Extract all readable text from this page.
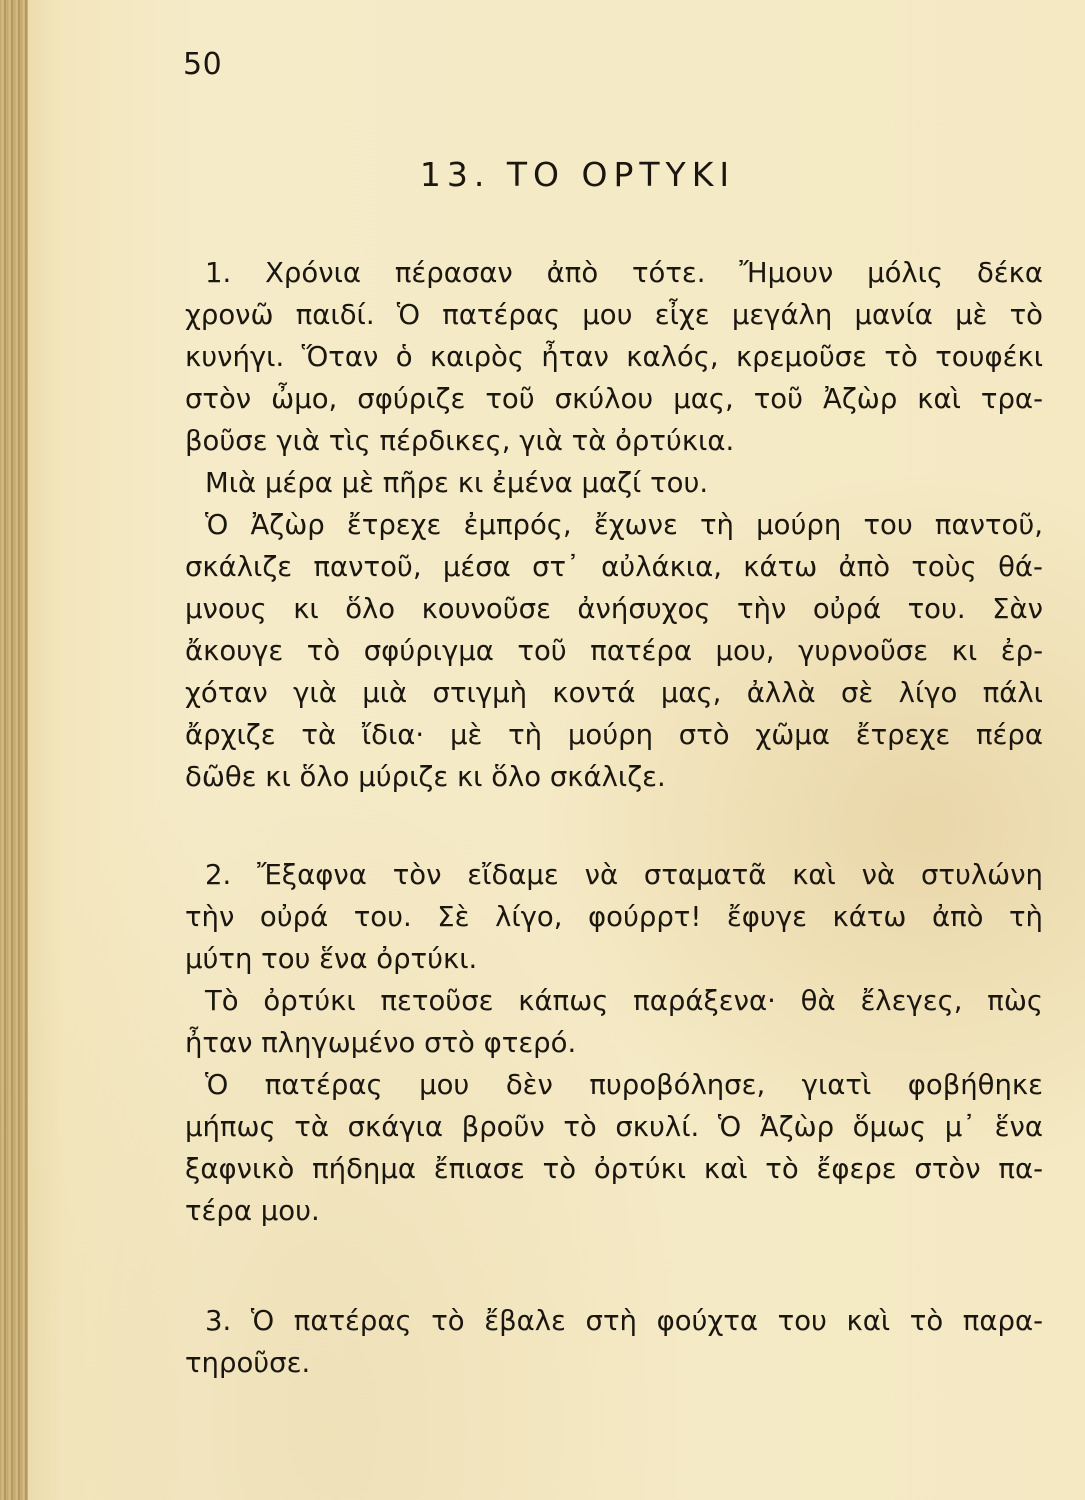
50
13. ΤΟ ΟΡΤΥΚΙ
1. Χρόνια πέρασαν ἀπὸ τότε. Ἤμουν μόλις δέκα
χρονῶ παιδί. Ὁ πατέρας μου εἶχε μεγάλη μανία μὲ τὸ
κυνήγι. Ὅταν ὁ καιρὸς ἦταν καλός, κρεμοῦσε τὸ τουφέκι
στὸν ὦμο, σφύριζε τοῦ σκύλου μας, τοῦ Ἀζὼρ καὶ τρα-
βοῦσε γιὰ τὶς πέρδικες, γιὰ τὰ ὀρτύκια.
Μιὰ μέρα μὲ πῆρε κι ἐμένα μαζί του.
Ὁ Ἀζὼρ ἔτρεχε ἐμπρός, ἔχωνε τὴ μούρη του παντοῦ,
σκάλιζε παντοῦ, μέσα στ᾽ αὐλάκια, κάτω ἀπὸ τοὺς θά-
μνους κι ὅλο κουνοῦσε ἀνήσυχος τὴν οὐρά του. Σὰν
ἄκουγε τὸ σφύριγμα τοῦ πατέρα μου, γυρνοῦσε κι ἐρ-
χόταν γιὰ μιὰ στιγμὴ κοντά μας, ἀλλὰ σὲ λίγο πάλι
ἄρχιζε τὰ ἴδια· μὲ τὴ μούρη στὸ χῶμα ἔτρεχε πέρα
δῶθε κι ὅλο μύριζε κι ὅλο σκάλιζε.
2. Ἔξαφνα τὸν εἴδαμε νὰ σταματᾶ καὶ νὰ στυλώνη
τὴν οὐρά του. Σὲ λίγο, φούρρτ! ἔφυγε κάτω ἀπὸ τὴ
μύτη του ἕνα ὀρτύκι.
Τὸ ὀρτύκι πετοῦσε κάπως παράξενα· θὰ ἔλεγες, πὼς
ἦταν πληγωμένο στὸ φτερό.
Ὁ πατέρας μου δὲν πυροβόλησε, γιατὶ φοβήθηκε
μήπως τὰ σκάγια βροῦν τὸ σκυλί. Ὁ Ἀζὼρ ὅμως μ᾽ ἕνα
ξαφνικὸ πήδημα ἔπιασε τὸ ὀρτύκι καὶ τὸ ἔφερε στὸν πα-
τέρα μου.
3. Ὁ πατέρας τὸ ἔβαλε στὴ φούχτα του καὶ τὸ παρα-
τηροῦσε.
